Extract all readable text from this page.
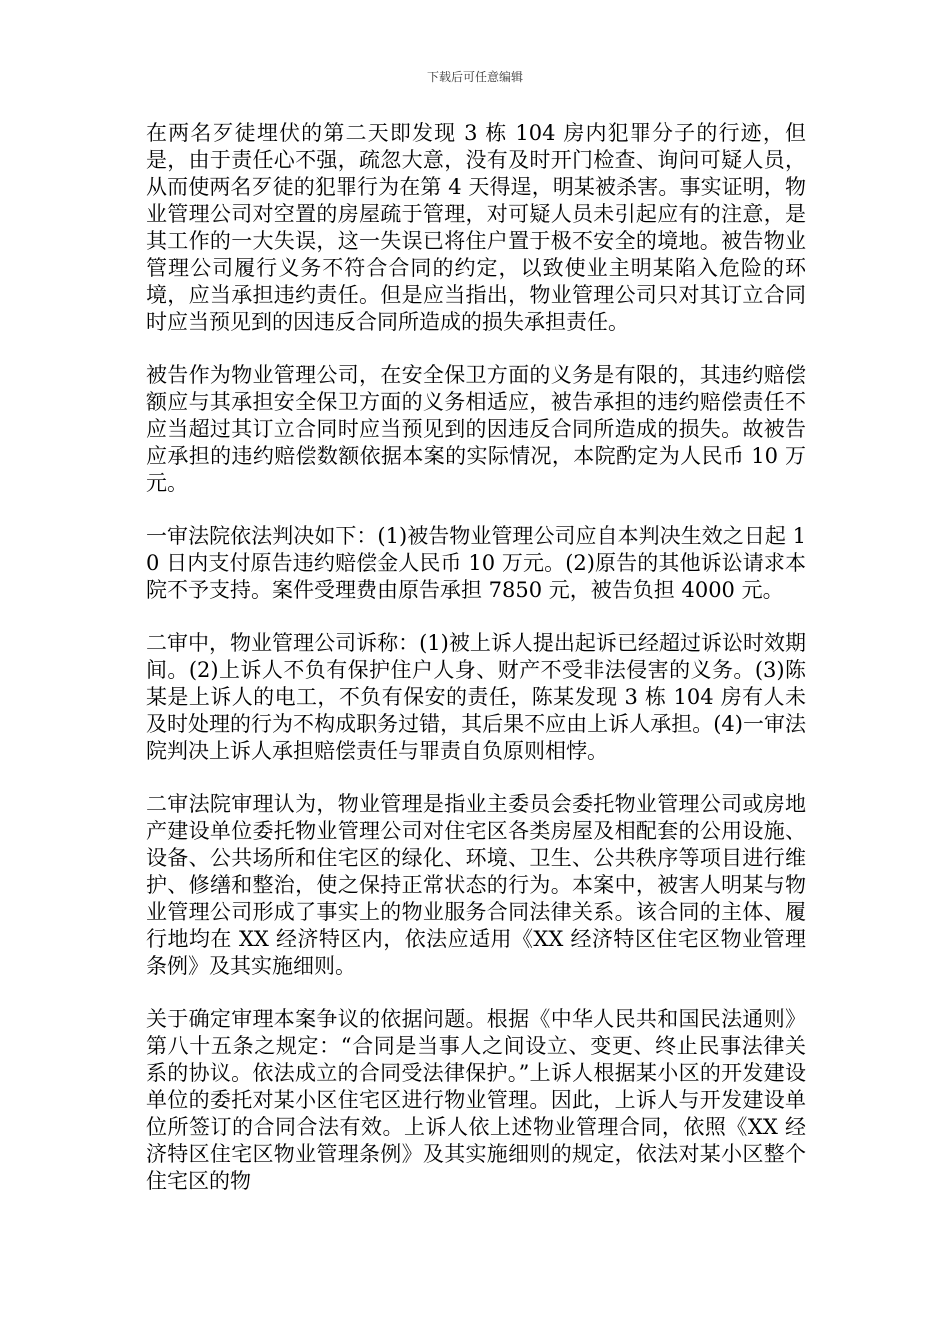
下载后可任意编辑

在两名歹徒埋伏的第二天即发现 3 栋 104 房内犯罪分子的行迹，但是，由于责任心不强，疏忽大意，没有及时开门检查、询问可疑人员，从而使两名歹徒的犯罪行为在第 4 天得逞，明某被杀害。事实证明，物业管理公司对空置的房屋疏于管理，对可疑人员未引起应有的注意，是其工作的一大失误，这一失误已将住户置于极不安全的境地。被告物业管理公司履行义务不符合合同的约定，以致使业主明某陷入危险的环境，应当承担违约责任。但是应当指出，物业管理公司只对其订立合同时应当预见到的因违反合同所造成的损失承担责任。

被告作为物业管理公司，在安全保卫方面的义务是有限的，其违约赔偿额应与其承担安全保卫方面的义务相适应，被告承担的违约赔偿责任不应当超过其订立合同时应当预见到的因违反合同所造成的损失。故被告应承担的违约赔偿数额依据本案的实际情况，本院酌定为人民币 10 万元。

一审法院依法判决如下：(1)被告物业管理公司应自本判决生效之日起 10 日内支付原告违约赔偿金人民币 10 万元。(2)原告的其他诉讼请求本院不予支持。案件受理费由原告承担 7850 元，被告负担 4000 元。

二审中，物业管理公司诉称：(1)被上诉人提出起诉已经超过诉讼时效期间。(2)上诉人不负有保护住户人身、财产不受非法侵害的义务。(3)陈某是上诉人的电工，不负有保安的责任，陈某发现 3 栋 104 房有人未及时处理的行为不构成职务过错，其后果不应由上诉人承担。(4)一审法院判决上诉人承担赔偿责任与罪责自负原则相悖。

二审法院审理认为，物业管理是指业主委员会委托物业管理公司或房地产建设单位委托物业管理公司对住宅区各类房屋及相配套的公用设施、设备、公共场所和住宅区的绿化、环境、卫生、公共秩序等项目进行维护、修缮和整治，使之保持正常状态的行为。本案中，被害人明某与物业管理公司形成了事实上的物业服务合同法律关系。该合同的主体、履行地均在 XX 经济特区内，依法应适用《XX 经济特区住宅区物业管理条例》及其实施细则。

关于确定审理本案争议的依据问题。根据《中华人民共和国民法通则》第八十五条之规定：“合同是当事人之间设立、变更、终止民事法律关系的协议。依法成立的合同受法律保护。”上诉人根据某小区的开发建设单位的委托对某小区住宅区进行物业管理。因此，上诉人与开发建设单位所签订的合同合法有效。上诉人依上述物业管理合同，依照《XX 经济特区住宅区物业管理条例》及其实施细则的规定，依法对某小区整个住宅区的物
